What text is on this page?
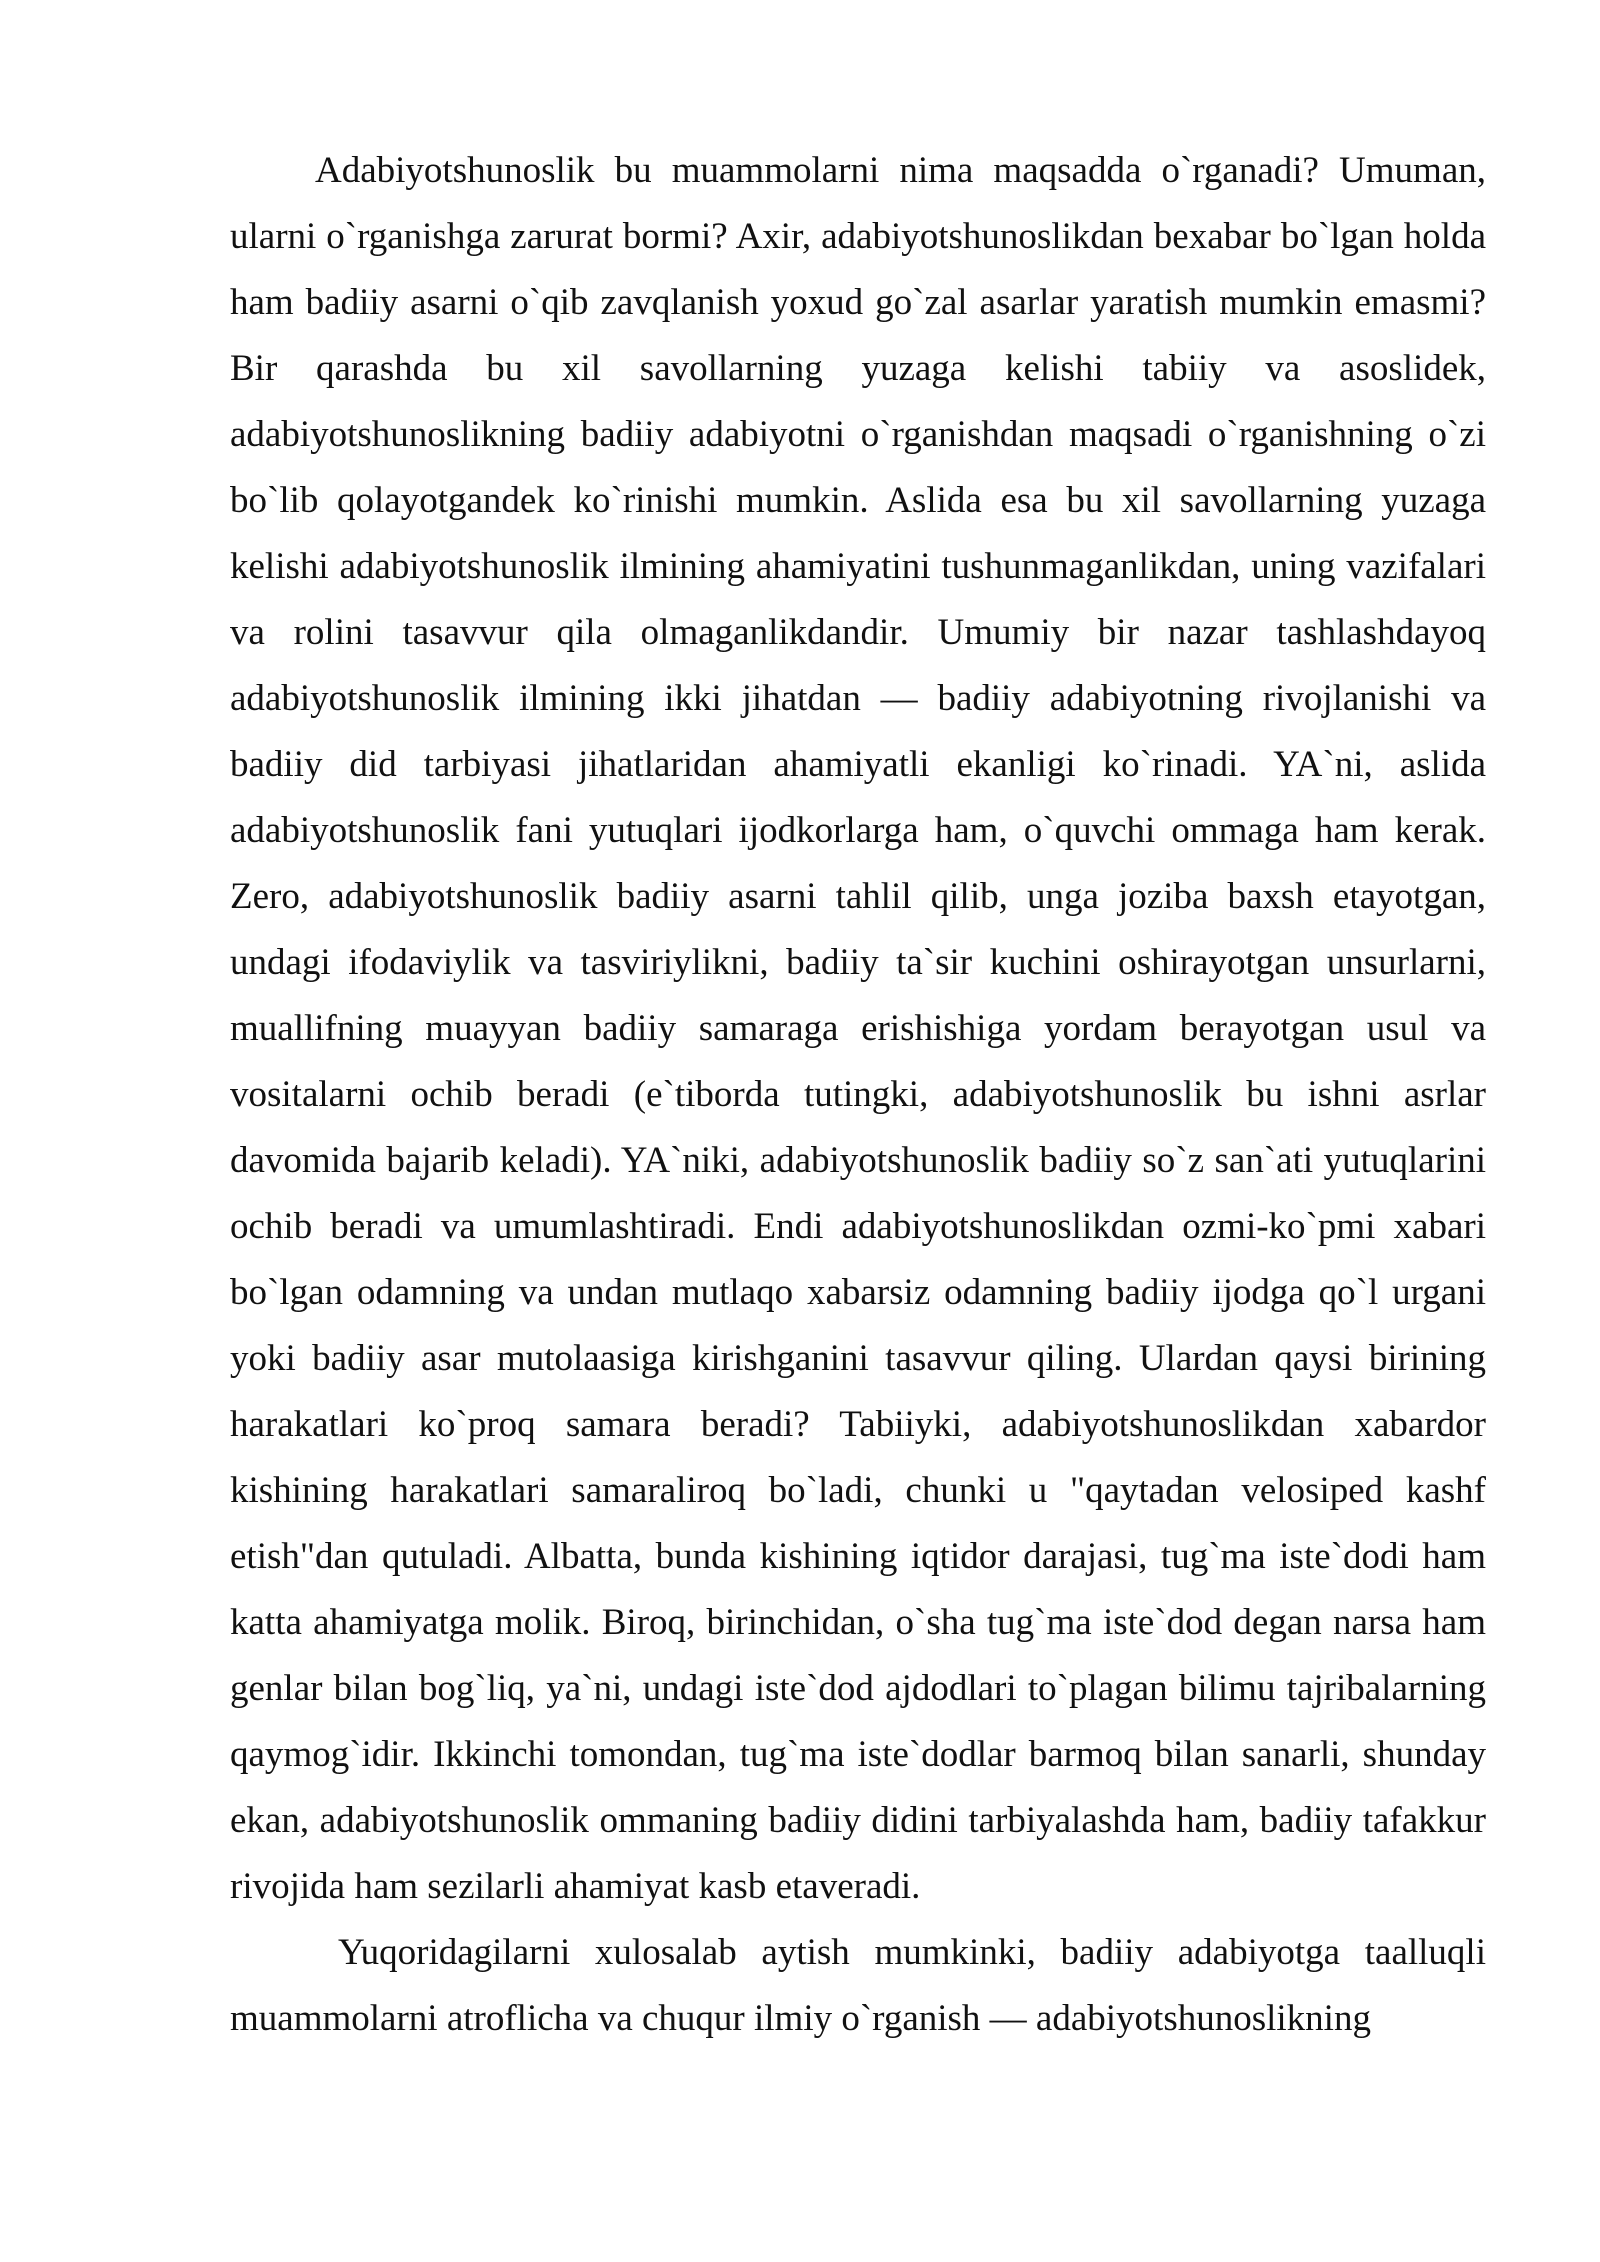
Adabiyotshunoslik bu muammolarni nima maqsadda o`rganadi? Umuman, ularni o`rganishga zarurat bormi? Axir, adabiyotshunoslikdan bexabar bo`lgan holda ham badiiy asarni o`qib zavqlanish yoxud go`zal asarlar yaratish mumkin emasmi? Bir qarashda bu xil savollarning yuzaga kelishi tabiiy va asoslidek, adabiyotshunoslikning badiiy adabiyotni o`rganishdan maqsadi o`rganishning o`zi bo`lib qolayotgandek ko`rinishi mumkin. Aslida esa bu xil savollarning yuzaga kelishi adabiyotshunoslik ilmining ahamiyatini tushunmaganlikdan, uning vazifalari va rolini tasavvur qila olmaganlikdandir. Umumiy bir nazar tashlashdayoq adabiyotshunoslik ilmining ikki jihatdan — badiiy adabiyotning rivojlanishi va badiiy did tarbiyasi jihatlaridan ahamiyatli ekanligi ko`rinadi. YA`ni, aslida adabiyotshunoslik fani yutuqlari ijodkorlarga ham, o`quvchi ommaga ham kerak. Zero, adabiyotshunoslik badiiy asarni tahlil qilib, unga joziba baxsh etayotgan, undagi ifodaviylik va tasviriylikni, badiiy ta`sir kuchini oshirayotgan unsurlarni, muallifning muayyan badiiy samaraga erishishiga yordam berayotgan usul va vositalarni ochib beradi (e`tiborda tutingki, adabiyotshunoslik bu ishni asrlar davomida bajarib keladi). YA`niki, adabiyotshunoslik badiiy so`z san`ati yutuqlarini ochib beradi va umumlashtiradi. Endi adabiyotshunoslikdan ozmi-ko`pmi xabari bo`lgan odamning va undan mutlaqo xabarsiz odamning badiiy ijodga qo`l urgani yoki badiiy asar mutolaasiga kirishganini tasavvur qiling. Ulardan qaysi birining harakatlari ko`proq samara beradi? Tabiiyki, adabiyotshunoslikdan xabardor kishining harakatlari samaraliroq bo`ladi, chunki u "qaytadan velosiped kashf etish"dan qutuladi. Albatta, bunda kishining iqtidor darajasi, tug`ma iste`dodi ham katta ahamiyatga molik. Biroq, birinchidan, o`sha tug`ma iste`dod degan narsa ham genlar bilan bog`liq, ya`ni, undagi iste`dod ajdodlari to`plagan bilimu tajribalarning qaymog`idir. Ikkinchi tomondan, tug`ma iste`dodlar barmoq bilan sanarli, shunday ekan, adabiyotshunoslik ommaning badiiy didini tarbiyalashda ham, badiiy tafakkur rivojida ham sezilarli ahamiyat kasb etaveradi.

Yuqoridagilarni xulosalab aytish mumkinki, badiiy adabiyotga taalluqli muammolarni atroflicha va chuqur ilmiy o`rganish — adabiyotshunoslikning
